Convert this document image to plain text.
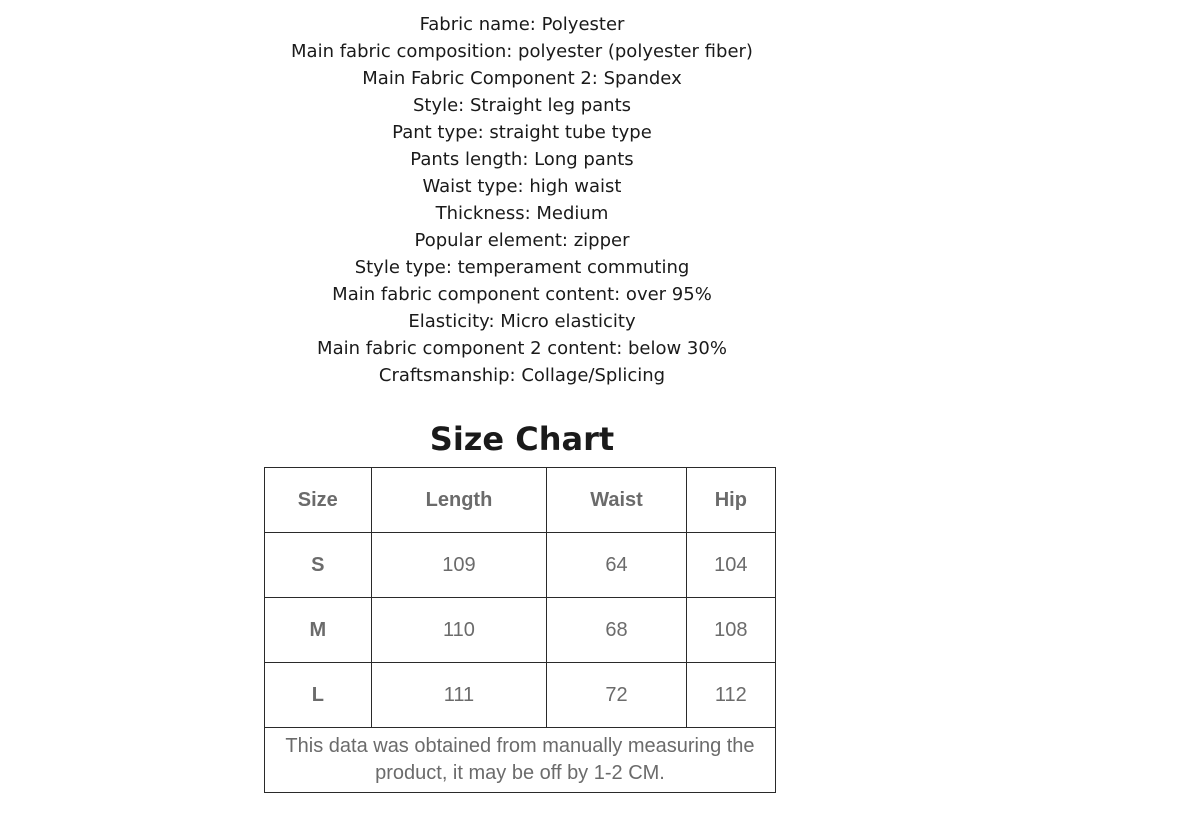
Fabric name: Polyester
Main fabric composition: polyester (polyester fiber)
Main Fabric Component 2: Spandex
Style: Straight leg pants
Pant type: straight tube type
Pants length: Long pants
Waist type: high waist
Thickness: Medium
Popular element: zipper
Style type: temperament commuting
Main fabric component content: over 95%
Elasticity: Micro elasticity
Main fabric component 2 content: below 30%
Craftsmanship: Collage/Splicing
Size Chart
Size	Length	Waist	Hip
S	109	64	104
M	110	68	108
L	111	72	112
This data was obtained from manually measuring the product, it may be off by 1-2 CM.			
